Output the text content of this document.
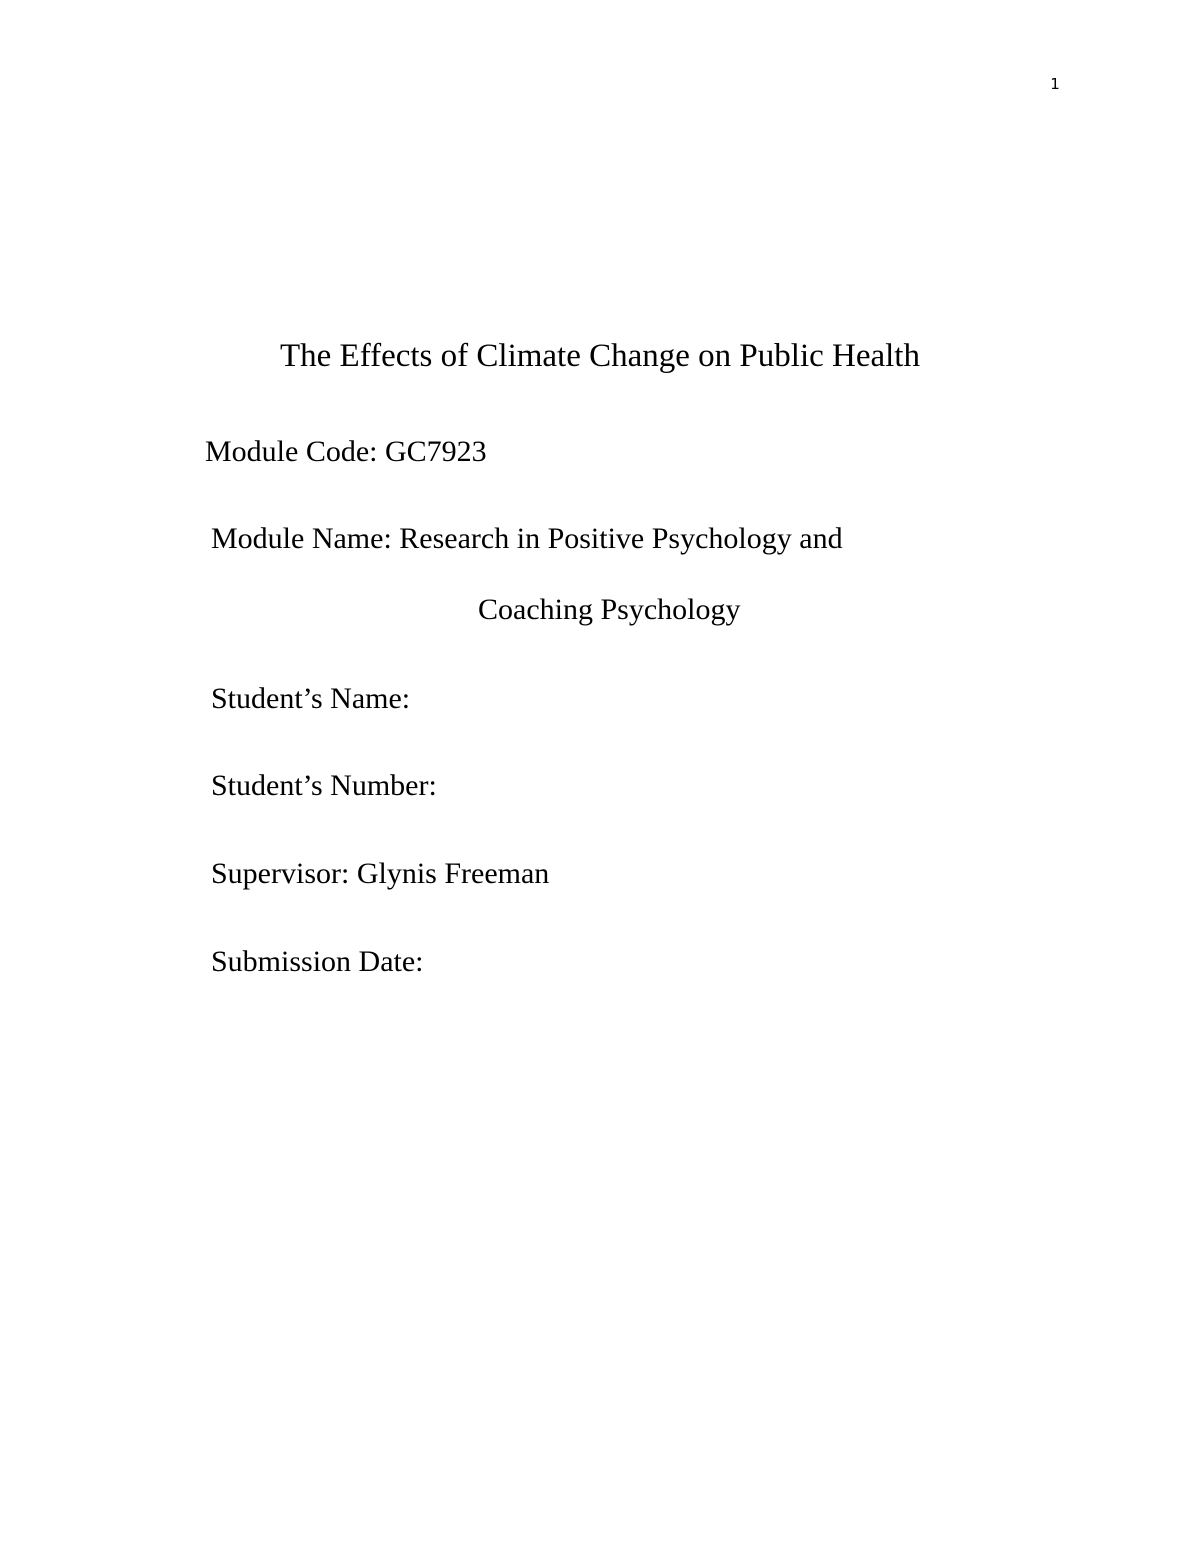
1
The Effects of Climate Change on Public Health
Module Code: GC7923
Module Name: Research in Positive Psychology and
Coaching Psychology
Student’s Name:
Student’s Number:
Supervisor: Glynis Freeman
Submission Date:
